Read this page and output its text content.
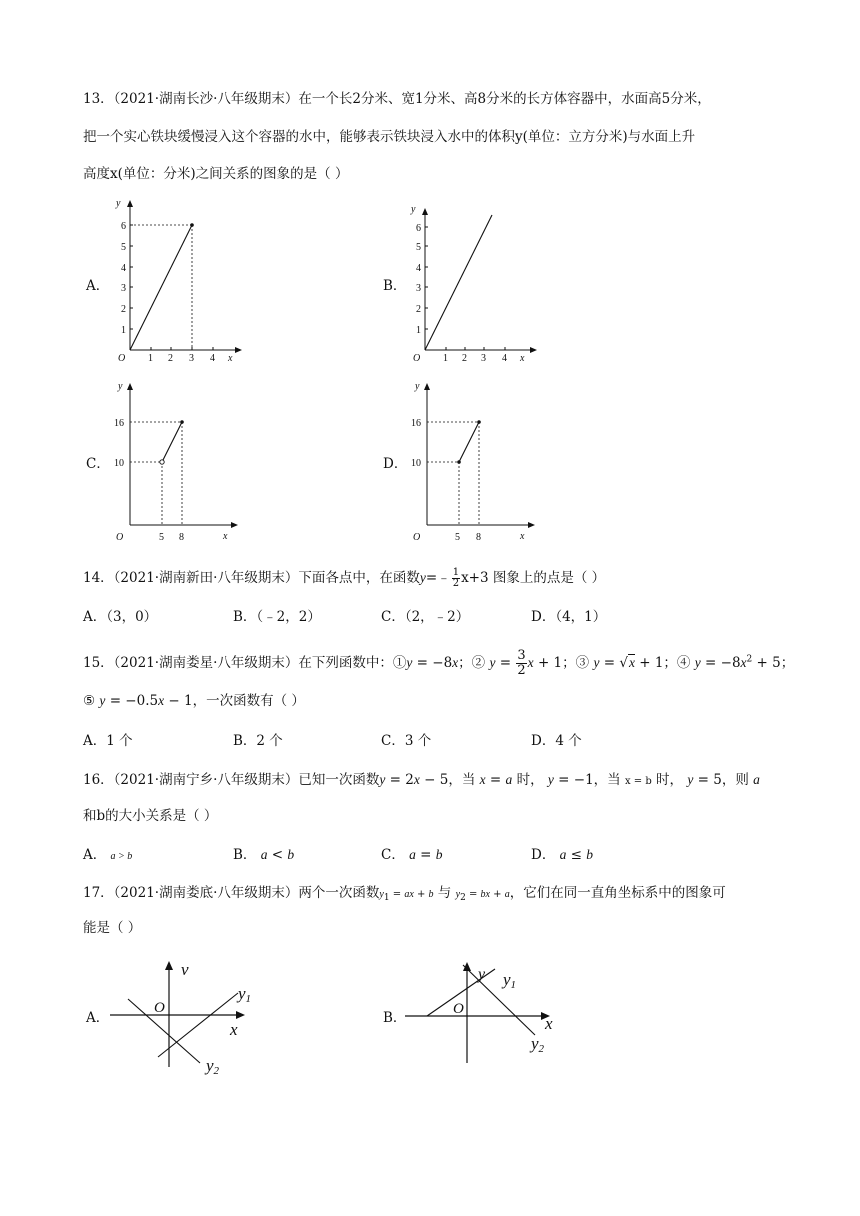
13．（2021·湖南长沙·八年级期末）在一个长2分米、宽1分米、高8分米的长方体容器中，水面高5分米，
把一个实心铁块缓慢浸入这个容器的水中，能够表示铁块浸入水中的体积y(单位：立方分米)与水面上升
高度x(单位：分米)之间关系的图象的是（ ）
A．	B．
C．	D．
1
2
3
4
5
6
1 2 3 4 x
y
O
1
2
3
4
5
6
1 2 3 4 x
y
O
10
16
5 8	x
y
O
10
16
5 8	x
y
O
14．（2021·湖南新田·八年级期末）下面各点中，在函数y=﹣ $\frac{1}{2} x+3$ 图象上的点是（ ）
A．（3，0）	B．（﹣2，2）	C．（2，﹣2）	D．（4，1）
15．（2021·湖南娄星·八年级期末）在下列函数中：①y = −8x；② $y = \frac{3}{2}$ x + 1；③ y = √x + 1；④ $y = -8x^2 + 5$；
⑤ y = −0.5x − 1，一次函数有（ ）
A．1 个	B．2 个	C．3 个	D．4 个
16．（2021·湖南宁乡·八年级期末）已知一次函数y = 2x − 5，当 x = a 时， y = −1，当 x = b 时， y = 5，则 a
和b的大小关系是（ ）
A． a > b	B． a < b	C． a = b	D． a ≤ b
17．（2021·湖南娄底·八年级期末）两个一次函数$y_1$ = ax + b 与 $y_2$ = bx + a，它们在同一直角坐标系中的图象可
能是（ ）
A．	B．
v
O
y1
x
y2
y
O
y1
x
y2
